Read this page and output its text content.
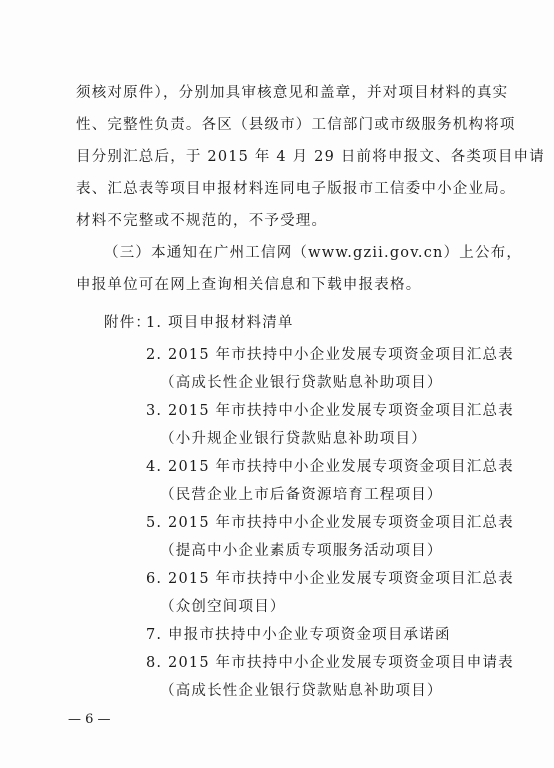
须核对原件），分别加具审核意见和盖章，并对项目材料的真实
性、完整性负责。各区（县级市）工信部门或市级服务机构将项
目分别汇总后，于 2015 年 4 月 29 日前将申报文、各类项目申请
表、汇总表等项目申报材料连同电子版报市工信委中小企业局。
材料不完整或不规范的，不予受理。
（三）本通知在广州工信网（www.gzii.gov.cn）上公布，
申报单位可在网上查询相关信息和下载申报表格。
附件：
1. 项目申报材料清单
2. 2015 年市扶持中小企业发展专项资金项目汇总表
（高成长性企业银行贷款贴息补助项目）
3. 2015 年市扶持中小企业发展专项资金项目汇总表
（小升规企业银行贷款贴息补助项目）
4. 2015 年市扶持中小企业发展专项资金项目汇总表
（民营企业上市后备资源培育工程项目）
5. 2015 年市扶持中小企业发展专项资金项目汇总表
（提高中小企业素质专项服务活动项目）
6. 2015 年市扶持中小企业发展专项资金项目汇总表
（众创空间项目）
7. 申报市扶持中小企业专项资金项目承诺函
8. 2015 年市扶持中小企业发展专项资金项目申请表
— 6 —
（高成长性企业银行贷款贴息补助项目）
